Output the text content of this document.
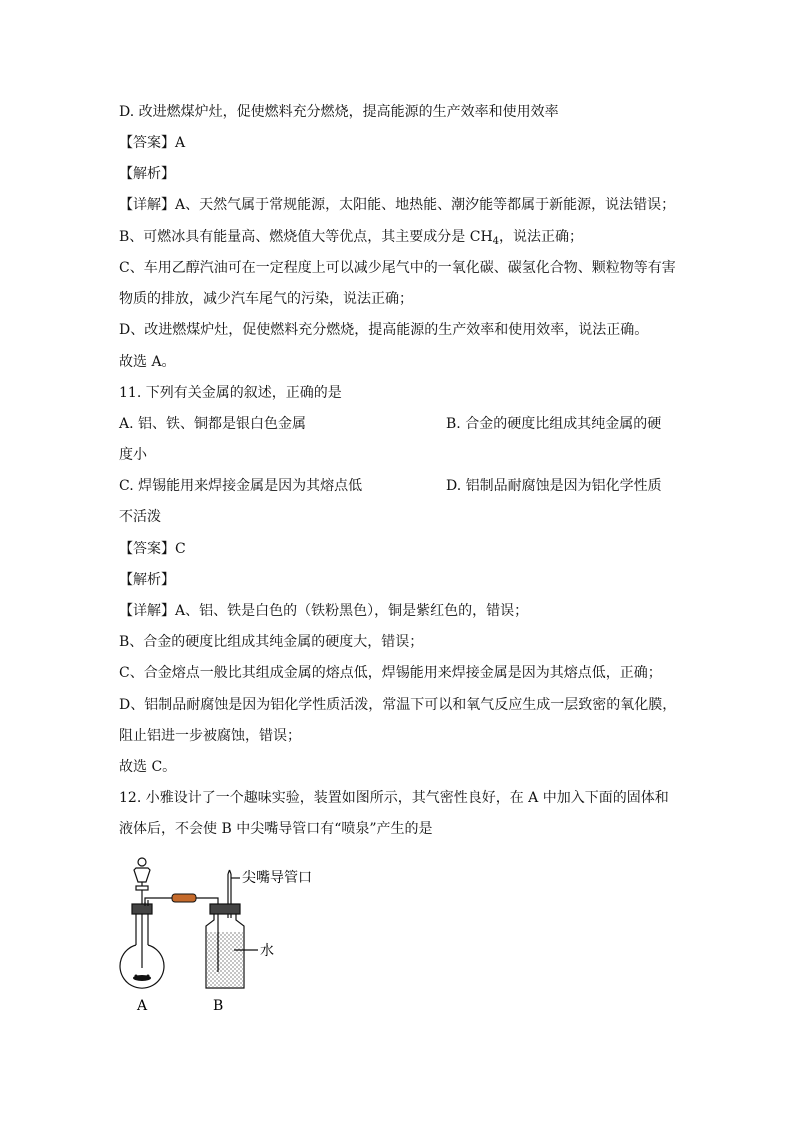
D. 改进燃煤炉灶，促使燃料充分燃烧，提高能源的生产效率和使用效率
【答案】A
【解析】
【详解】A、天然气属于常规能源，太阳能、地热能、潮汐能等都属于新能源，说法错误；
B、可燃冰具有能量高、燃烧值大等优点，其主要成分是 $CH_4$，说法正确；
C、车用乙醇汽油可在一定程度上可以减少尾气中的一氧化碳、碳氢化合物、颗粒物等有害
物质的排放，减少汽车尾气的污染，说法正确；
D、改进燃煤炉灶，促使燃料充分燃烧，提高能源的生产效率和使用效率，说法正确。
故选 A。
11. 下列有关金属的叙述，正确的是
A. 铝、铁、铜都是银白色金属	B. 合金的硬度比组成其纯金属的硬
度小
C. 焊锡能用来焊接金属是因为其熔点低	D. 铝制品耐腐蚀是因为铝化学性质
不活泼
【答案】C
【解析】
【详解】A、铝、铁是白色的（铁粉黑色），铜是紫红色的，错误；
B、合金的硬度比组成其纯金属的硬度大，错误；
C、合金熔点一般比其组成金属的熔点低，焊锡能用来焊接金属是因为其熔点低，正确；
D、铝制品耐腐蚀是因为铝化学性质活泼，常温下可以和氧气反应生成一层致密的氧化膜，
阻止铝进一步被腐蚀，错误；
故选 C。
12. 小雅设计了一个趣味实验，装置如图所示，其气密性良好，在 A 中加入下面的固体和
液体后，不会使 B 中尖嘴导管口有“喷泉”产生的是
尖嘴导管口
水
A	B
